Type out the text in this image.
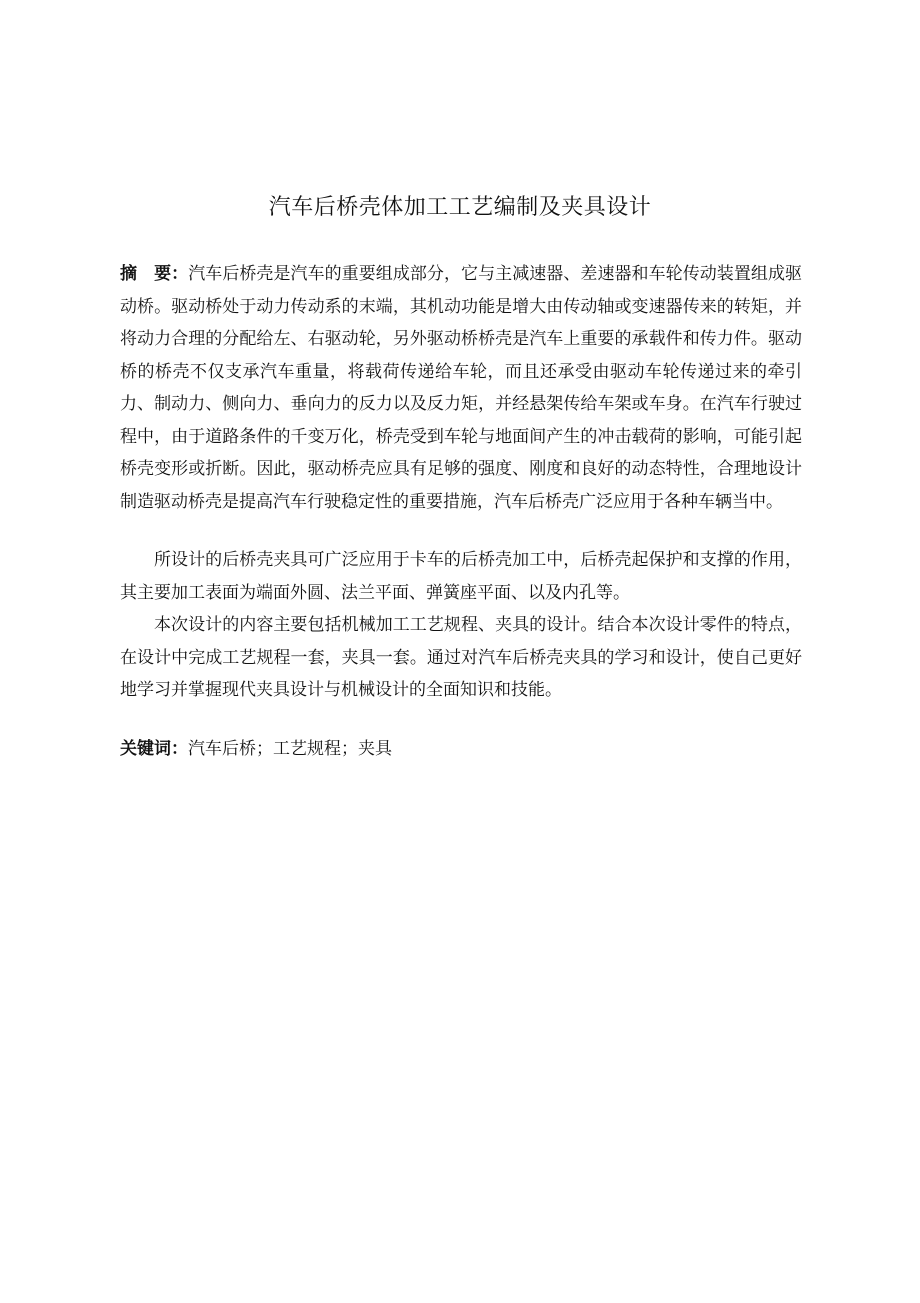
汽车后桥壳体加工工艺编制及夹具设计

摘　要：汽车后桥壳是汽车的重要组成部分，它与主减速器、差速器和车轮传动装置组成驱动桥。驱动桥处于动力传动系的末端，其机动功能是增大由传动轴或变速器传来的转矩，并将动力合理的分配给左、右驱动轮，另外驱动桥桥壳是汽车上重要的承载件和传力件。驱动桥的桥壳不仅支承汽车重量，将载荷传递给车轮，而且还承受由驱动车轮传递过来的牵引力、制动力、侧向力、垂向力的反力以及反力矩，并经悬架传给车架或车身。在汽车行驶过程中，由于道路条件的千变万化，桥壳受到车轮与地面间产生的冲击载荷的影响，可能引起桥壳变形或折断。因此，驱动桥壳应具有足够的强度、刚度和良好的动态特性，合理地设计制造驱动桥壳是提高汽车行驶稳定性的重要措施，汽车后桥壳广泛应用于各种车辆当中。

所设计的后桥壳夹具可广泛应用于卡车的后桥壳加工中，后桥壳起保护和支撑的作用，其主要加工表面为端面外圆、法兰平面、弹簧座平面、以及内孔等。

本次设计的内容主要包括机械加工工艺规程、夹具的设计。结合本次设计零件的特点，在设计中完成工艺规程一套，夹具一套。通过对汽车后桥壳夹具的学习和设计，使自己更好地学习并掌握现代夹具设计与机械设计的全面知识和技能。

关键词：汽车后桥；工艺规程；夹具
